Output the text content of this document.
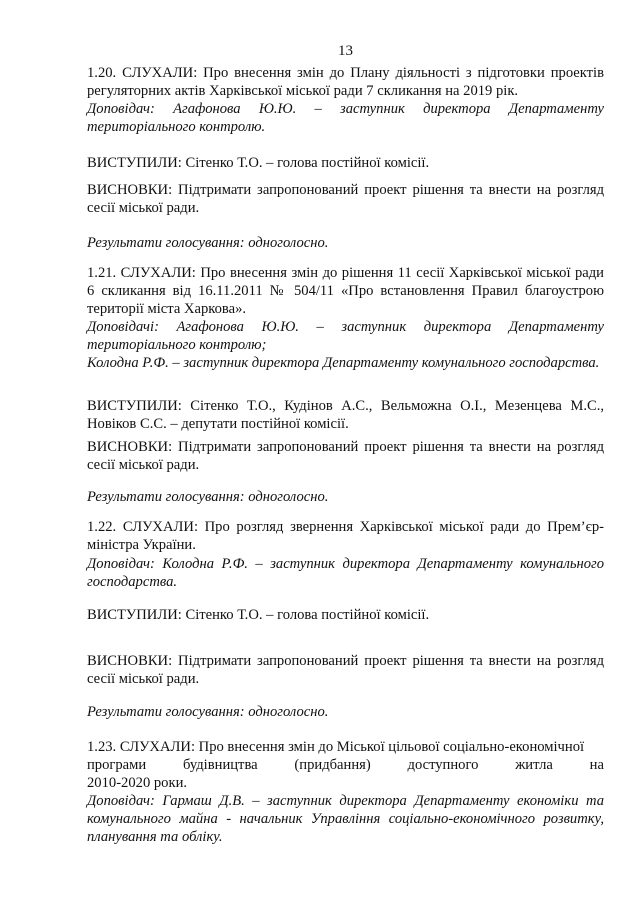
13

1.20. СЛУХАЛИ: Про внесення змін до Плану діяльності з підготовки проектів регуляторних актів Харківської міської ради 7 скликання на 2019 рік.

Доповідач: Агафонова Ю.Ю. – заступник директора Департаменту територіального контролю.

ВИСТУПИЛИ: Сітенко Т.О. – голова постійної комісії.

ВИСНОВКИ: Підтримати запропонований проект рішення та внести на розгляд сесії міської ради.

Результати голосування: одноголосно.

1.21. СЛУХАЛИ: Про внесення змін до рішення 11 сесії Харківської міської ради 6 скликання від 16.11.2011 № 504/11 «Про встановлення Правил благоустрою території міста Харкова».

Доповідачі: Агафонова Ю.Ю. – заступник директора Департаменту територіального контролю;

Колодна Р.Ф. – заступник директора Департаменту комунального господарства.

ВИСТУПИЛИ: Сітенко Т.О., Кудінов А.С., Вельможна О.І., Мезенцева М.С., Новіков С.С. – депутати постійної комісії.

ВИСНОВКИ: Підтримати запропонований проект рішення та внести на розгляд сесії міської ради.

Результати голосування: одноголосно.

1.22. СЛУХАЛИ: Про розгляд звернення Харківської міської ради до Прем’єр-міністра України.

Доповідач: Колодна Р.Ф. – заступник директора Департаменту комунального господарства.

ВИСТУПИЛИ: Сітенко Т.О. – голова постійної комісії.

ВИСНОВКИ: Підтримати запропонований проект рішення та внести на розгляд сесії міської ради.

Результати голосування: одноголосно.

1.23. СЛУХАЛИ: Про внесення змін до Міської цільової соціально-економічної

програми	будівництва	(придбання)	доступного	житла	на

2010-2020 роки.

Доповідач: Гармаш Д.В. – заступник директора Департаменту економіки та комунального майна - начальник Управління соціально-економічного розвитку, планування та обліку.
